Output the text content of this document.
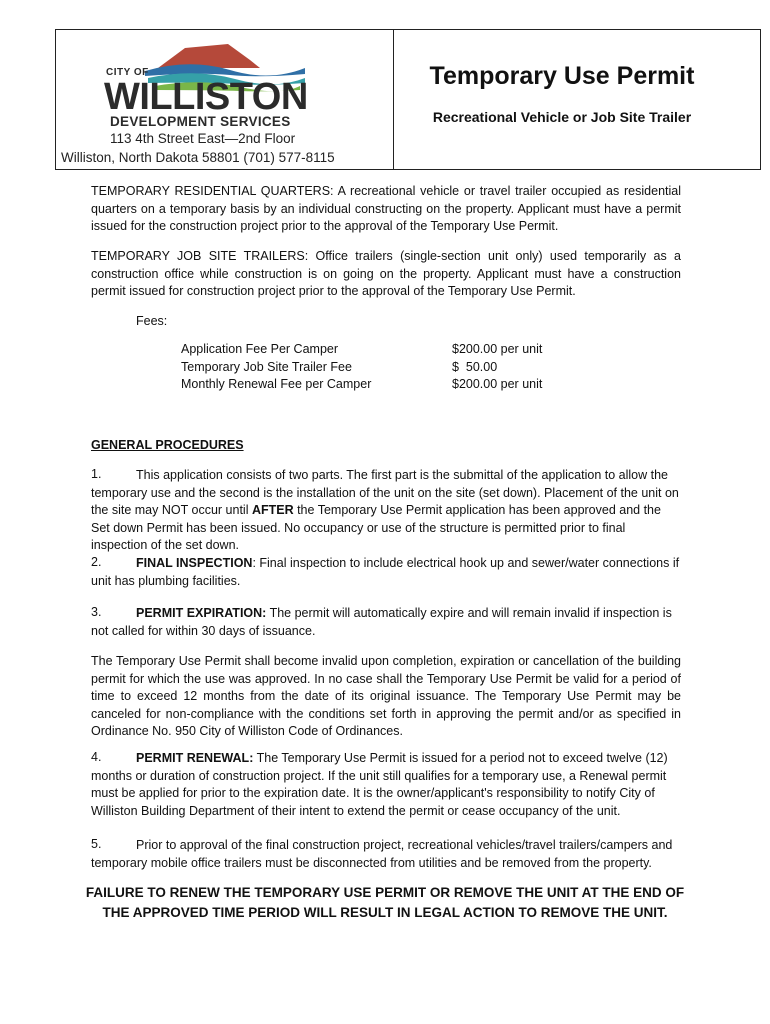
CITY OF
WILLISTON
DEVELOPMENT SERVICES
113 4th Street East—2nd Floor
Williston, North Dakota 58801 (701) 577-8115
Temporary Use Permit
Recreational Vehicle or Job Site Trailer
TEMPORARY RESIDENTIAL QUARTERS: A recreational vehicle or travel trailer occupied as residential quarters on a temporary basis by an individual constructing on the property. Applicant must have a permit issued for the construction project prior to the approval of the Temporary Use Permit.
TEMPORARY JOB SITE TRAILERS: Office trailers (single-section unit only) used temporarily as a construction office while construction is on going on the property. Applicant must have a construction permit issued for construction project prior to the approval of the Temporary Use Permit.
Fees:
Application Fee Per Camper	$200.00 per unit
Temporary Job Site Trailer Fee	$  50.00
Monthly Renewal Fee per Camper	$200.00 per unit
GENERAL PROCEDURES
1.	This application consists of two parts. The first part is the submittal of the application to allow the temporary use and the second is the installation of the unit on the site (set down). Placement of the unit on the site may NOT occur until AFTER the Temporary Use Permit application has been approved and the Set down Permit has been issued. No occupancy or use of the structure is permitted prior to final inspection of the set down.
2.	FINAL INSPECTION: Final inspection to include electrical hook up and sewer/water connections if unit has plumbing facilities.
3.	PERMIT EXPIRATION: The permit will automatically expire and will remain invalid if inspection is not called for within 30 days of issuance.
The Temporary Use Permit shall become invalid upon completion, expiration or cancellation of the building permit for which the use was approved. In no case shall the Temporary Use Permit be valid for a period of time to exceed 12 months from the date of its original issuance. The Temporary Use Permit may be canceled for non-compliance with the conditions set forth in approving the permit and/or as specified in Ordinance No. 950 City of Williston Code of Ordinances.
4.	PERMIT RENEWAL: The Temporary Use Permit is issued for a period not to exceed twelve (12) months or duration of construction project. If the unit still qualifies for a temporary use, a Renewal permit must be applied for prior to the expiration date. It is the owner/applicant's responsibility to notify City of Williston Building Department of their intent to extend the permit or cease occupancy of the unit.
5.	Prior to approval of the final construction project, recreational vehicles/travel trailers/campers and temporary mobile office trailers must be disconnected from utilities and be removed from the property.
FAILURE TO RENEW THE TEMPORARY USE PERMIT OR REMOVE THE UNIT AT THE END OF THE APPROVED TIME PERIOD WILL RESULT IN LEGAL ACTION TO REMOVE THE UNIT.
